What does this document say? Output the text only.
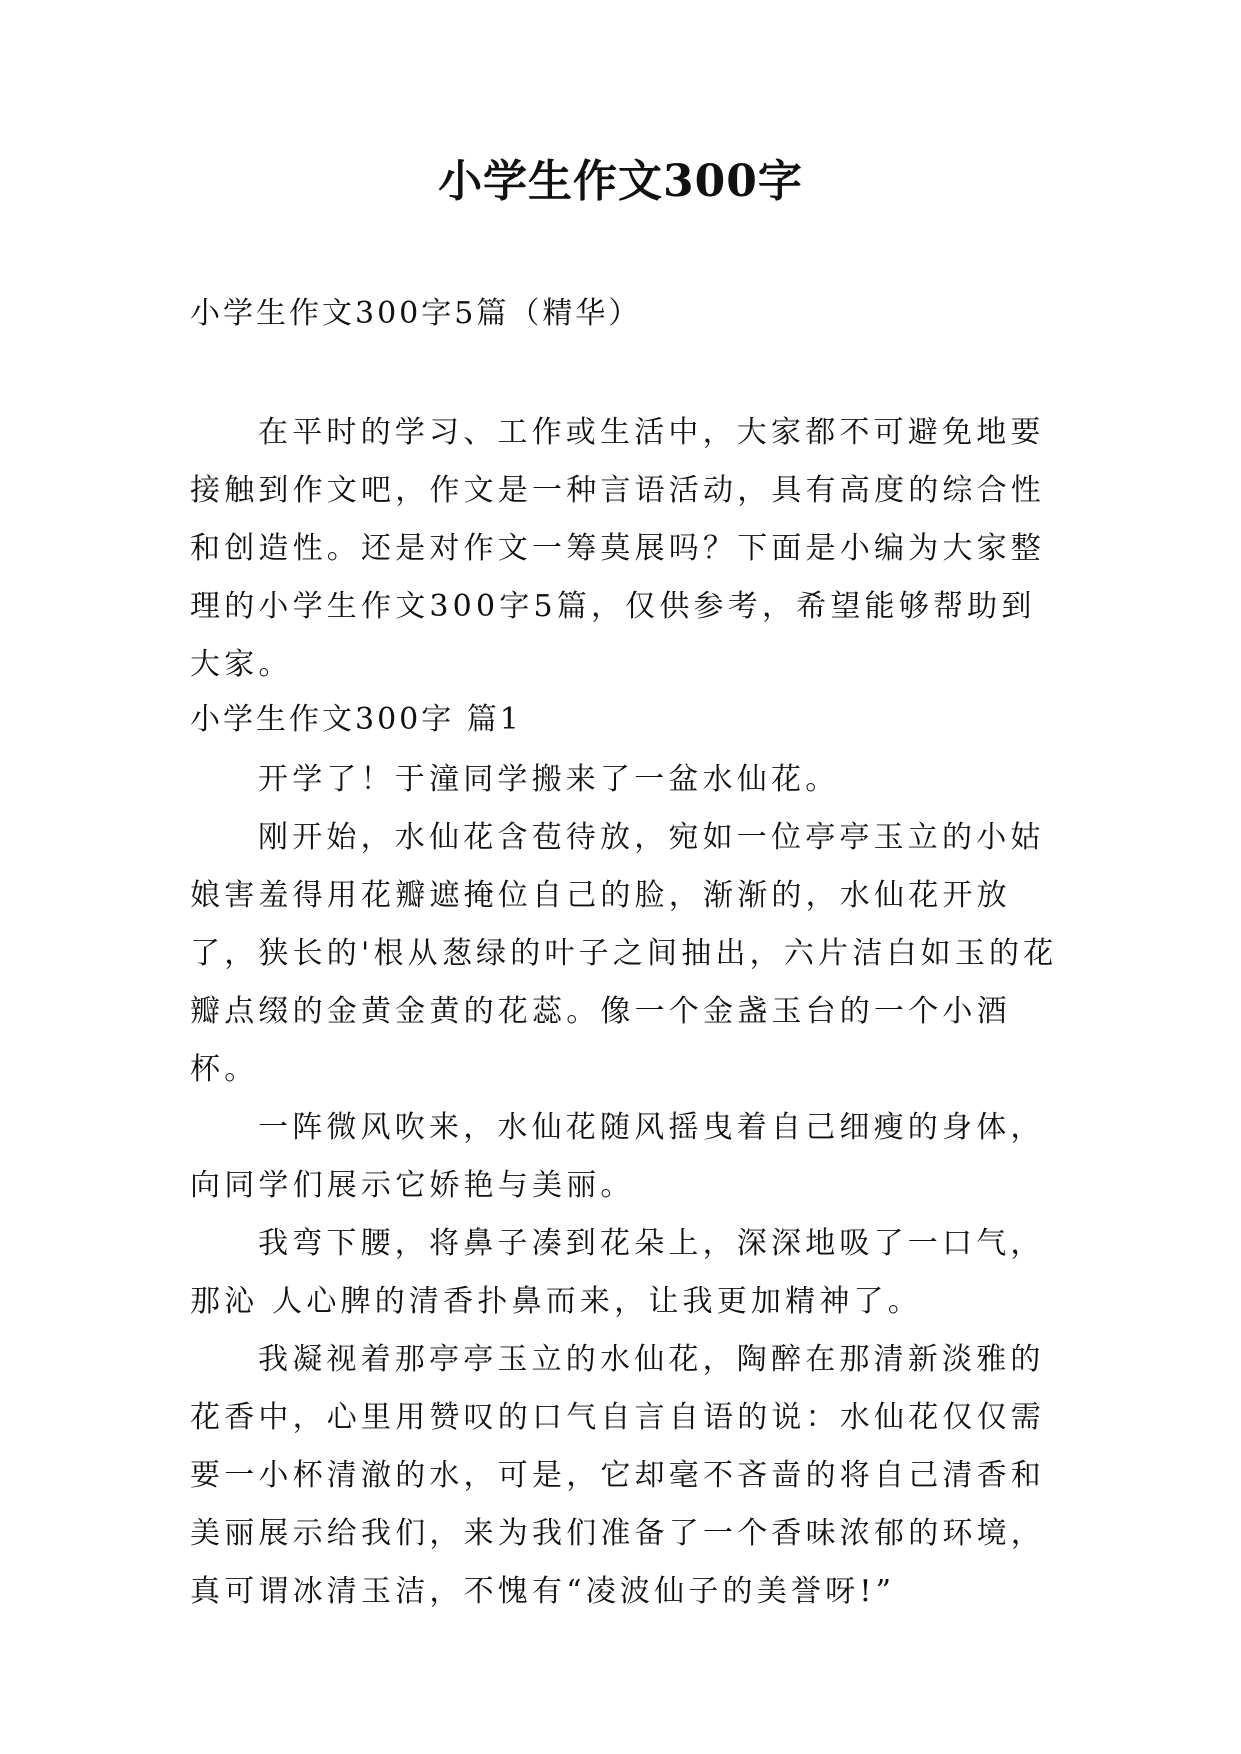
小学生作文300字
小学生作文300字5篇（精华）

在平时的学习、工作或生活中，大家都不可避免地要接触到作文吧，作文是一种言语活动，具有高度的综合性和创造性。还是对作文一筹莫展吗？下面是小编为大家整理的小学生作文300字5篇，仅供参考，希望能够帮助到大家。

小学生作文300字 篇1

开学了！于潼同学搬来了一盆水仙花。

刚开始，水仙花含苞待放，宛如一位亭亭玉立的小姑娘害羞得用花瓣遮掩位自己的脸，渐渐的，水仙花开放了，狭长的'根从葱绿的叶子之间抽出，六片洁白如玉的花瓣点缀的金黄金黄的花蕊。像一个金盏玉台的一个小酒杯。

一阵微风吹来，水仙花随风摇曳着自己细瘦的身体，向同学们展示它娇艳与美丽。

我弯下腰，将鼻子凑到花朵上，深深地吸了一口气，那沁 人心脾的清香扑鼻而来，让我更加精神了。

我凝视着那亭亭玉立的水仙花，陶醉在那清新淡雅的花香中，心里用赞叹的口气自言自语的说：水仙花仅仅需要一小杯清澈的水，可是，它却毫不吝啬的将自己清香和美丽展示给我们，来为我们准备了一个香味浓郁的环境，真可谓冰清玉洁，不愧有“凌波仙子的美誉呀!”
